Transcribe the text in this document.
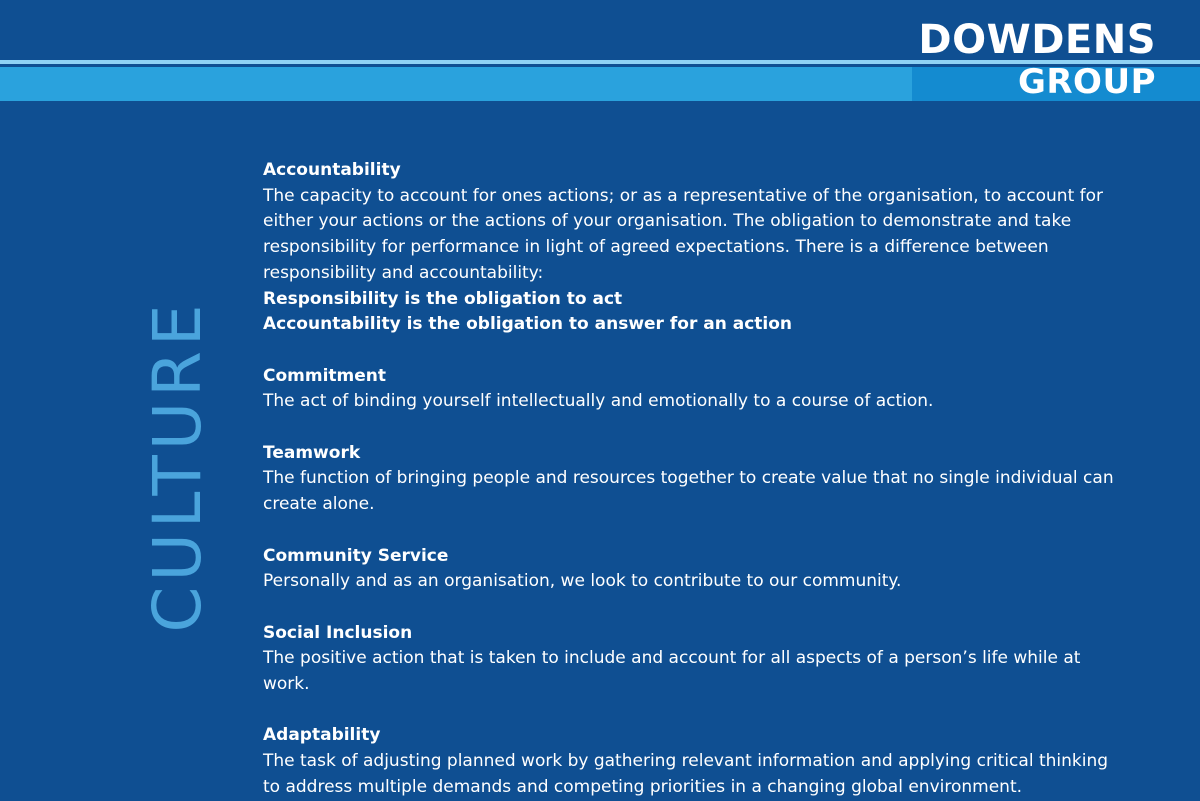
DOWDENS
GROUP
CULTURE
Accountability
The capacity to account for ones actions; or as a representative of the organisation, to account for either your actions or the actions of your organisation. The obligation to demonstrate and take responsibility for performance in light of agreed expectations. There is a difference between responsibility and accountability:
Responsibility is the obligation to act
Accountability is the obligation to answer for an action
Commitment
The act of binding yourself intellectually and emotionally to a course of action.
Teamwork
The function of bringing people and resources together to create value that no single individual can create alone.
Community Service
Personally and as an organisation, we look to contribute to our community.
Social Inclusion
The positive action that is taken to include and account for all aspects of a person’s life while at work.
Adaptability
The task of adjusting planned work by gathering relevant information and applying critical thinking to address multiple demands and competing priorities in a changing global environment.
